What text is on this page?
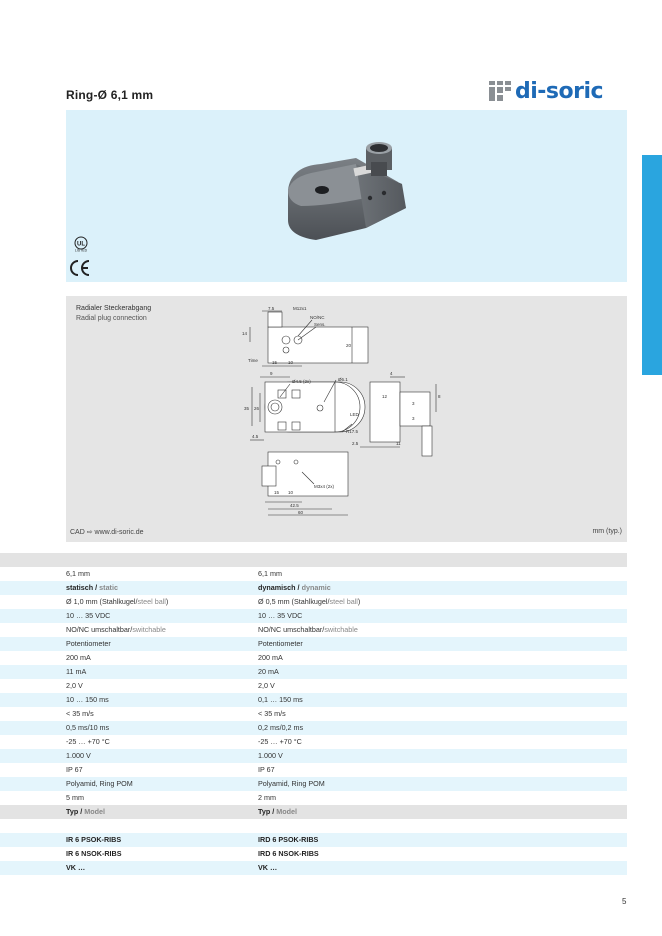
Ring-Ø 6,1 mm	di-soric
UL
LISTED
Radialer Steckerabgang
Radial plug connection
7.5	M12x1
NO/NC
Sens.
14
20
Time	15 10
9
Ø4.5 (2x)	Ø6.1
35 26
4.5
R17.5
4
8
12
3
3
LED
2.5	11
15 10
M3x4 (2x)
42.5
60
CAD ⇨ www.di-soric.de	mm (typ.)
6,1 mm	6,1 mm
statisch / static	dynamisch / dynamic
Ø 1,0 mm (Stahlkugel/steel ball)	Ø 0,5 mm (Stahlkugel/steel ball)
10 … 35 VDC	10 … 35 VDC
NO/NC umschaltbar/switchable	NO/NC umschaltbar/switchable
Potentiometer	Potentiometer
200 mA	200 mA
11 mA	20 mA
2,0 V	2,0 V
10 … 150 ms	0,1 … 150 ms
< 35 m/s	< 35 m/s
0,5 ms/10 ms	0,2 ms/0,2 ms
-25 … +70 °C	-25 … +70 °C
1.000 V	1.000 V
IP 67	IP 67
Polyamid, Ring POM	Polyamid, Ring POM
5 mm	2 mm
Typ / Model	Typ / Model
IR 6 PSOK-RIBS	IRD 6 PSOK-RIBS
IR 6 NSOK-RIBS	IRD 6 NSOK-RIBS
VK …	VK …
5
